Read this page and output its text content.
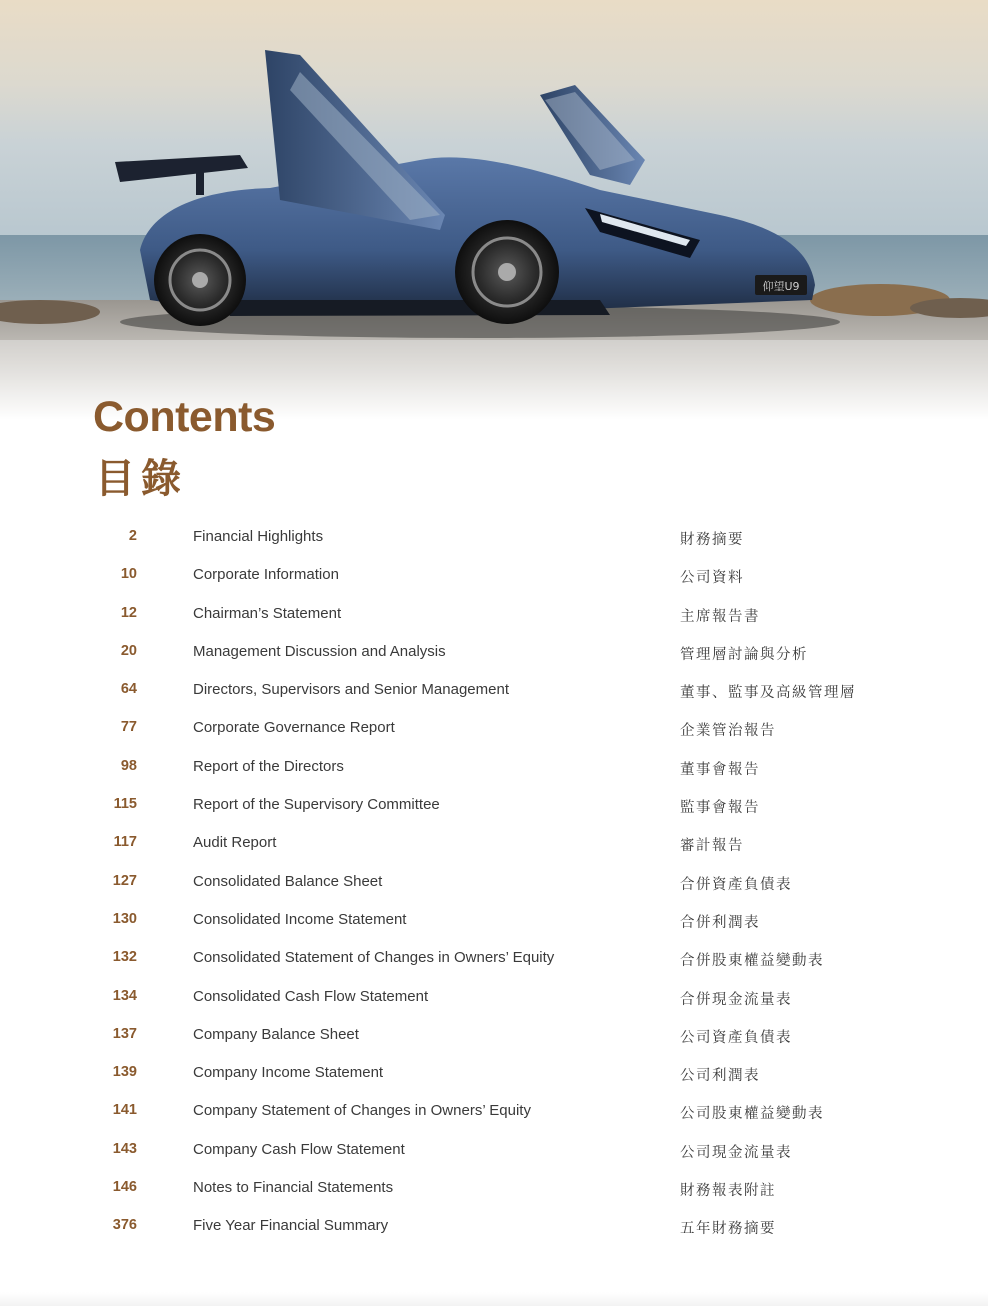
仰望U9
Contents
目錄
2	Financial Highlights	財務摘要
10	Corporate Information	公司資料
12	Chairman’s Statement	主席報告書
20	Management Discussion and Analysis	管理層討論與分析
64	Directors, Supervisors and Senior Management	董事、監事及高級管理層
77	Corporate Governance Report	企業管治報告
98	Report of the Directors	董事會報告
115	Report of the Supervisory Committee	監事會報告
117	Audit Report	審計報告
127	Consolidated Balance Sheet	合併資產負債表
130	Consolidated Income Statement	合併利潤表
132	Consolidated Statement of Changes in Owners’ Equity	合併股東權益變動表
134	Consolidated Cash Flow Statement	合併現金流量表
137	Company Balance Sheet	公司資產負債表
139	Company Income Statement	公司利潤表
141	Company Statement of Changes in Owners’ Equity	公司股東權益變動表
143	Company Cash Flow Statement	公司現金流量表
146	Notes to Financial Statements	財務報表附註
376	Five Year Financial Summary	五年財務摘要
